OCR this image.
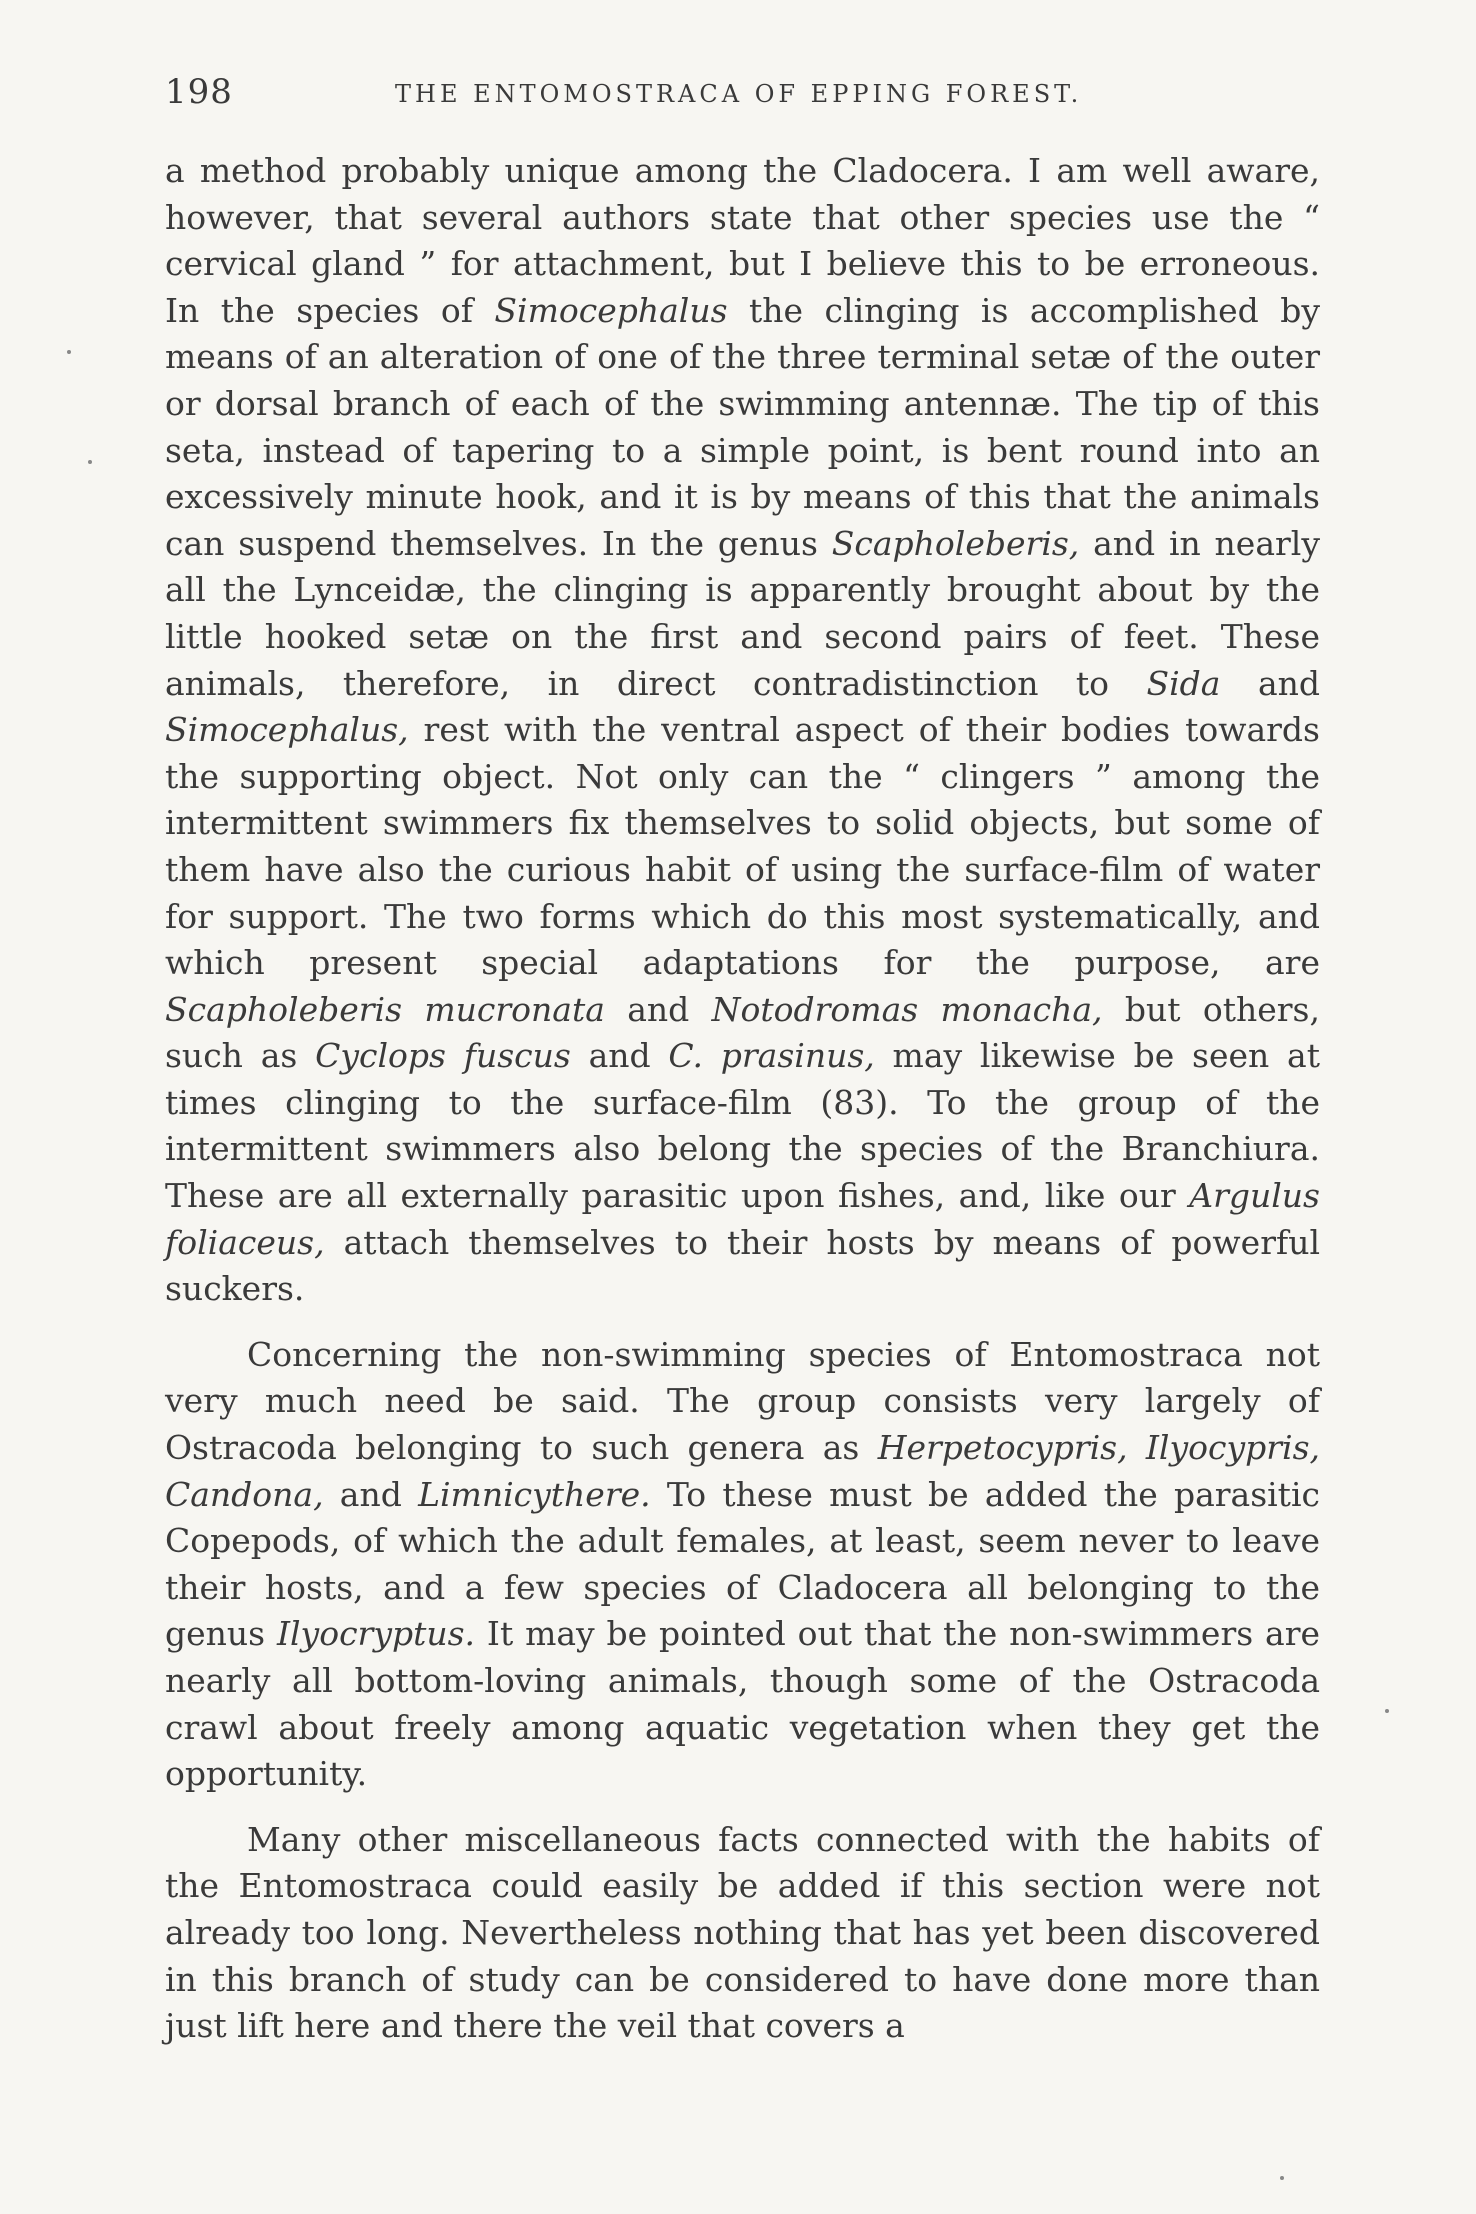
198	THE ENTOMOSTRACA OF EPPING FOREST.

a method probably unique among the Cladocera. I am well aware, however, that several authors state that other species use the “ cervical gland ” for attachment, but I believe this to be erroneous. In the species of Simocephalus the clinging is accomplished by means of an alteration of one of the three terminal setæ of the outer or dorsal branch of each of the swimming antennæ. The tip of this seta, instead of tapering to a simple point, is bent round into an excessively minute hook, and it is by means of this that the animals can suspend themselves. In the genus Scapholeberis, and in nearly all the Lynceidæ, the clinging is apparently brought about by the little hooked setæ on the first and second pairs of feet. These animals, therefore, in direct contradistinction to Sida and Simocephalus, rest with the ventral aspect of their bodies towards the supporting object. Not only can the “ clingers ” among the intermittent swimmers fix themselves to solid objects, but some of them have also the curious habit of using the surface-film of water for support. The two forms which do this most systematically, and which present special adaptations for the purpose, are Scapholeberis mucronata and Notodromas monacha, but others, such as Cyclops fuscus and C. prasinus, may likewise be seen at times clinging to the surface-film (83). To the group of the intermittent swimmers also belong the species of the Branchiura. These are all externally parasitic upon fishes, and, like our Argulus foliaceus, attach themselves to their hosts by means of powerful suckers.

Concerning the non-swimming species of Entomostraca not very much need be said. The group consists very largely of Ostracoda belonging to such genera as Herpetocypris, Ilyocypris, Candona, and Limnicythere. To these must be added the parasitic Copepods, of which the adult females, at least, seem never to leave their hosts, and a few species of Cladocera all belonging to the genus Ilyocryptus. It may be pointed out that the non-swimmers are nearly all bottom-loving animals, though some of the Ostracoda crawl about freely among aquatic vegetation when they get the opportunity.

Many other miscellaneous facts connected with the habits of the Entomostraca could easily be added if this section were not already too long. Nevertheless nothing that has yet been discovered in this branch of study can be considered to have done more than just lift here and there the veil that covers a
